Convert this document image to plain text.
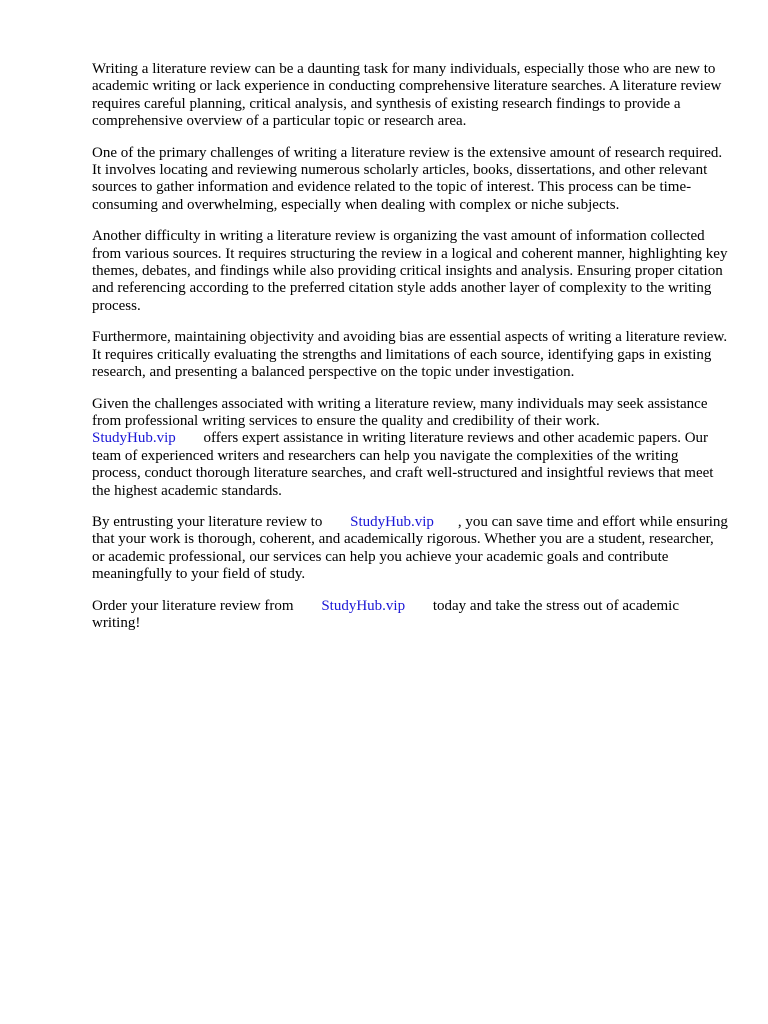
Writing a literature review can be a daunting task for many individuals, especially those who are new to academic writing or lack experience in conducting comprehensive literature searches. A literature review requires careful planning, critical analysis, and synthesis of existing research findings to provide a comprehensive overview of a particular topic or research area.

One of the primary challenges of writing a literature review is the extensive amount of research required. It involves locating and reviewing numerous scholarly articles, books, dissertations, and other relevant sources to gather information and evidence related to the topic of interest. This process can be time-consuming and overwhelming, especially when dealing with complex or niche subjects.

Another difficulty in writing a literature review is organizing the vast amount of information collected from various sources. It requires structuring the review in a logical and coherent manner, highlighting key themes, debates, and findings while also providing critical insights and analysis. Ensuring proper citation and referencing according to the preferred citation style adds another layer of complexity to the writing process.

Furthermore, maintaining objectivity and avoiding bias are essential aspects of writing a literature review. It requires critically evaluating the strengths and limitations of each source, identifying gaps in existing research, and presenting a balanced perspective on the topic under investigation.

Given the challenges associated with writing a literature review, many individuals may seek assistance from professional writing services to ensure the quality and credibility of their work.
StudyHub.vip offers expert assistance in writing literature reviews and other academic papers. Our team of experienced writers and researchers can help you navigate the complexities of the writing process, conduct thorough literature searches, and craft well-structured and insightful reviews that meet the highest academic standards.

By entrusting your literature review to StudyHub.vip , you can save time and effort while ensuring that your work is thorough, coherent, and academically rigorous. Whether you are a student, researcher, or academic professional, our services can help you achieve your academic goals and contribute meaningfully to your field of study.

Order your literature review from StudyHub.vip today and take the stress out of academic writing!
